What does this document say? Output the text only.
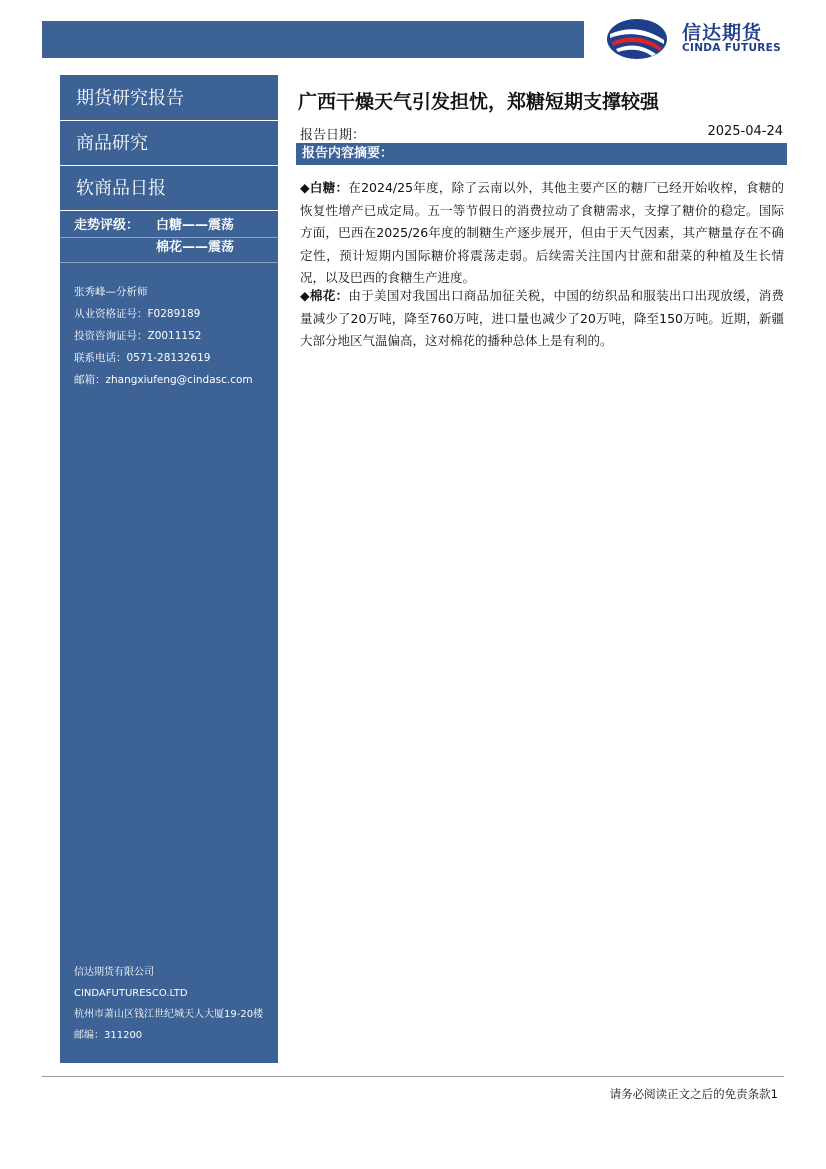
信达期货
CINDA FUTURES
期货研究报告
商品研究
软商品日报
走势评级： 白糖——震荡
棉花——震荡
张秀峰—分析师
从业资格证号：F0289189
投资咨询证号：Z0011152
联系电话：0571-28132619
邮箱：zhangxiufeng@cindasc.com
信达期货有限公司
CINDAFUTURESCO.LTD
杭州市萧山区钱江世纪城天人大厦19-20楼
邮编：311200
广西干燥天气引发担忧，郑糖短期支撑较强
报告日期：	2025-04-24
报告内容摘要：
◆白糖：在2024/25年度，除了云南以外，其他主要产区的糖厂已经开始收榨，食糖的恢复性增产已成定局。五一等节假日的消费拉动了食糖需求，支撑了糖价的稳定。国际方面，巴西在2025/26年度的制糖生产逐步展开，但由于天气因素，其产糖量存在不确定性，预计短期内国际糖价将震荡走弱。后续需关注国内甘蔗和甜菜的种植及生长情况，以及巴西的食糖生产进度。
◆棉花：由于美国对我国出口商品加征关税，中国的纺织品和服装出口出现放缓，消费量减少了20万吨，降至760万吨，进口量也减少了20万吨，降至150万吨。近期，新疆大部分地区气温偏高，这对棉花的播种总体上是有利的。
请务必阅读正文之后的免责条款1
